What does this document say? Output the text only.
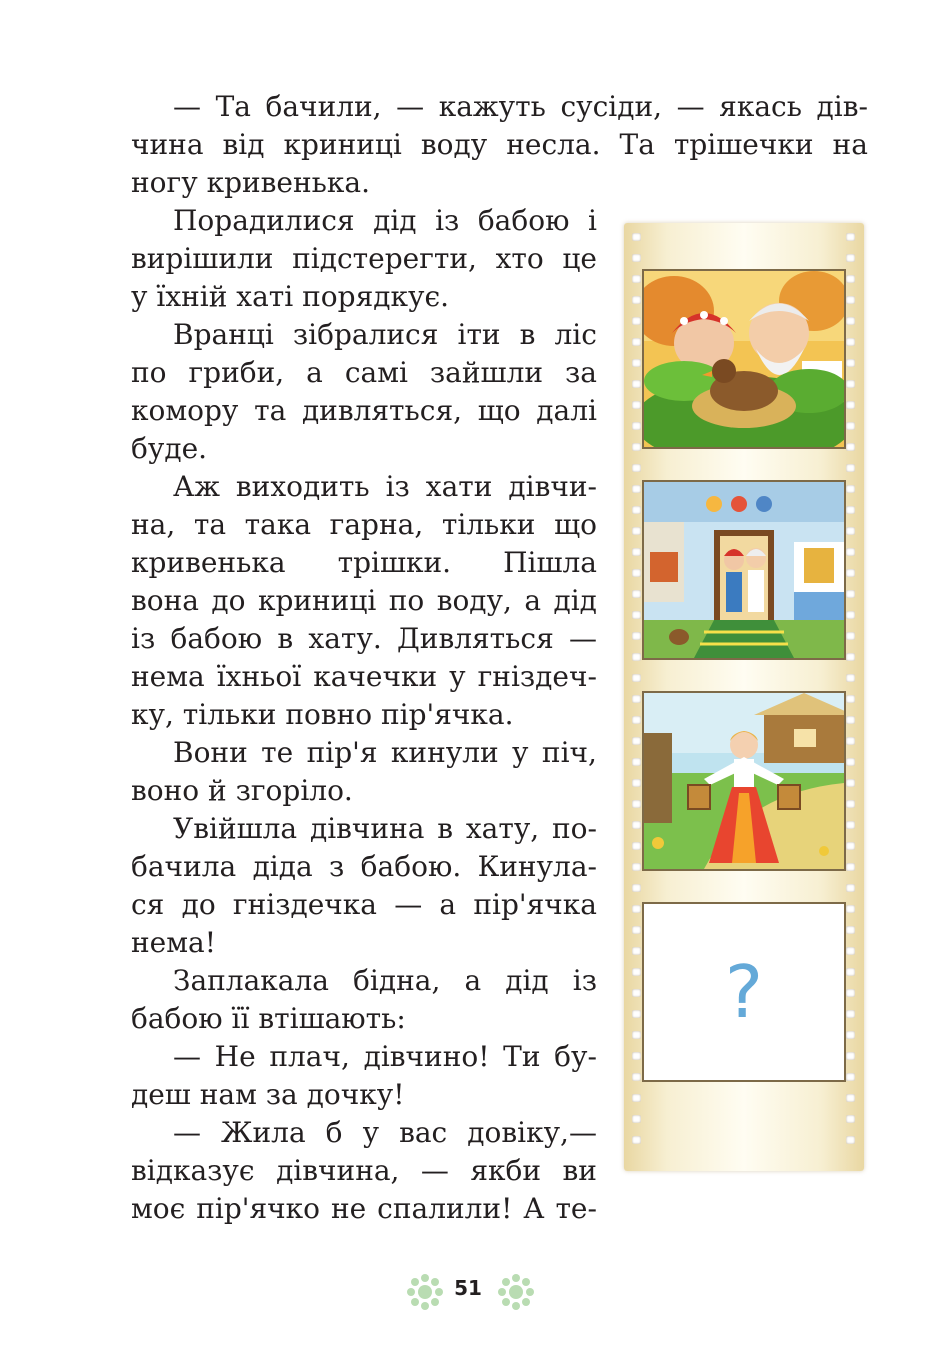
— Та бачили, — кажуть сусіди, — якась дів-
чина від криниці воду несла. Та трішечки на
ногу кривенька.
Порадилися дід із бабою і
вирішили підстерегти, хто це
у їхній хаті порядкує.
Вранці зібралися іти в ліс
по гриби, а самі зайшли за
комору та дивляться, що далі
буде.
Аж виходить із хати дівчи-
на, та така гарна, тільки що
кривенька трішки. Пішла
вона до криниці по воду, а дід
із бабою в хату. Дивляться —
нема їхньої качечки у гніздеч-
ку, тільки повно пір'ячка.
Вони те пір'я кинули у піч,
воно й згоріло.
Увійшла дівчина в хату, по-
бачила діда з бабою. Кинула-
ся до гніздечка — а пір'ячка
нема!
Заплакала бідна, а дід із
бабою її втішають:
— Не плач, дівчино! Ти бу-
деш нам за дочку!
— Жила б у вас довіку,—
відказує дівчина, — якби ви
моє пір'ячко не спалили! А те-
?
51
